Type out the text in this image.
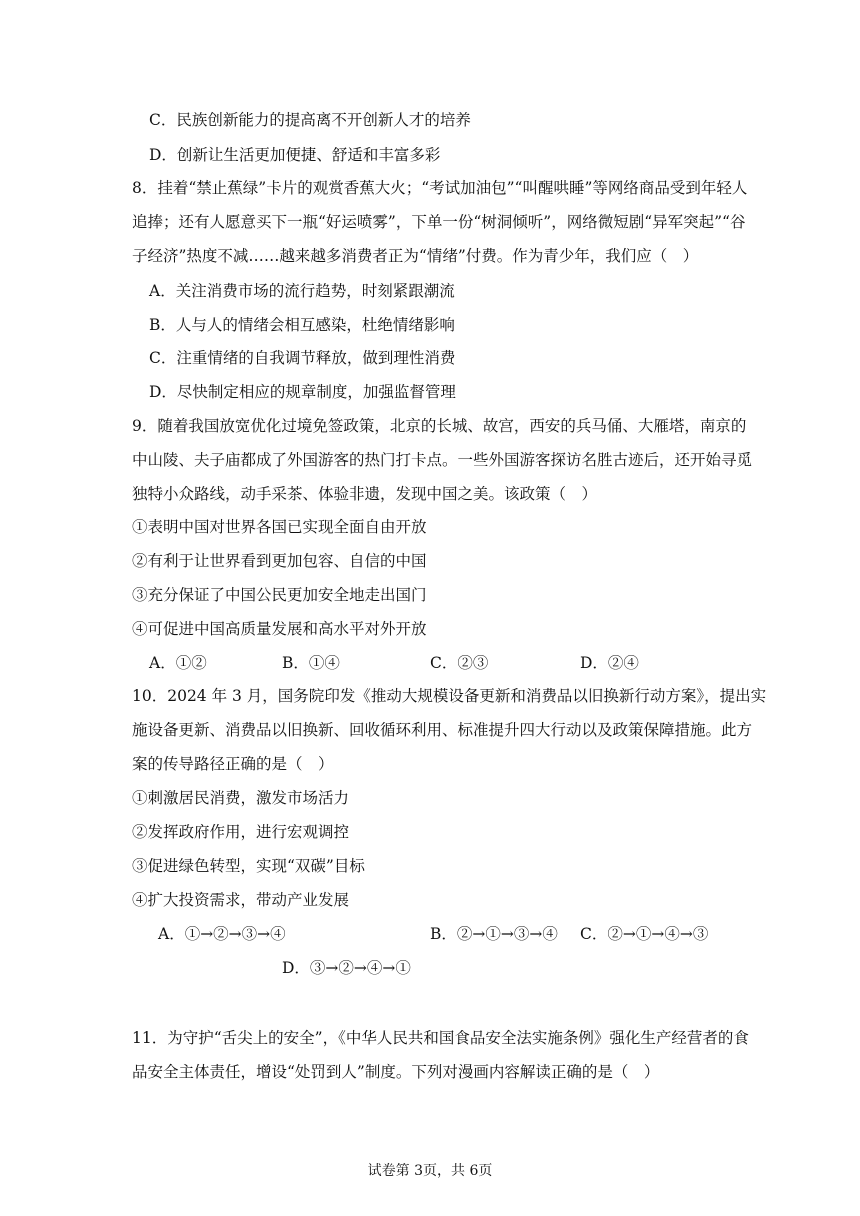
C．民族创新能力的提高离不开创新人才的培养
D．创新让生活更加便捷、舒适和丰富多彩
8．挂着“禁止蕉绿”卡片的观赏香蕉大火；“考试加油包”“叫醒哄睡”等网络商品受到年轻人
追捧；还有人愿意买下一瓶“好运喷雾”，下单一份“树洞倾听”，网络微短剧“异军突起”“谷
子经济”热度不减……越来越多消费者正为“情绪”付费。作为青少年，我们应（　）
A．关注消费市场的流行趋势，时刻紧跟潮流
B．人与人的情绪会相互感染，杜绝情绪影响
C．注重情绪的自我调节释放，做到理性消费
D．尽快制定相应的规章制度，加强监督管理
9．随着我国放宽优化过境免签政策，北京的长城、故宫，西安的兵马俑、大雁塔，南京的
中山陵、夫子庙都成了外国游客的热门打卡点。一些外国游客探访名胜古迹后，还开始寻觅
独特小众路线，动手采茶、体验非遗，发现中国之美。该政策（　）
①表明中国对世界各国已实现全面自由开放
②有利于让世界看到更加包容、自信的中国
③充分保证了中国公民更加安全地走出国门
④可促进中国高质量发展和高水平对外开放
A．①②	B．①④	C．②③	D．②④
10．2024 年 3 月，国务院印发《推动大规模设备更新和消费品以旧换新行动方案》，提出实
施设备更新、消费品以旧换新、回收循环利用、标准提升四大行动以及政策保障措施。此方
案的传导路径正确的是（　）
①刺激居民消费，激发市场活力
②发挥政府作用，进行宏观调控
③促进绿色转型，实现“双碳”目标
④扩大投资需求，带动产业发展
A．①→②→③→④	B．②→①→③→④ C．②→①→④→③
D．③→②→④→①
11．为守护“舌尖上的安全”，《中华人民共和国食品安全法实施条例》强化生产经营者的食
品安全主体责任，增设“处罚到人”制度。下列对漫画内容解读正确的是（　）
试卷第 3页，共 6页
